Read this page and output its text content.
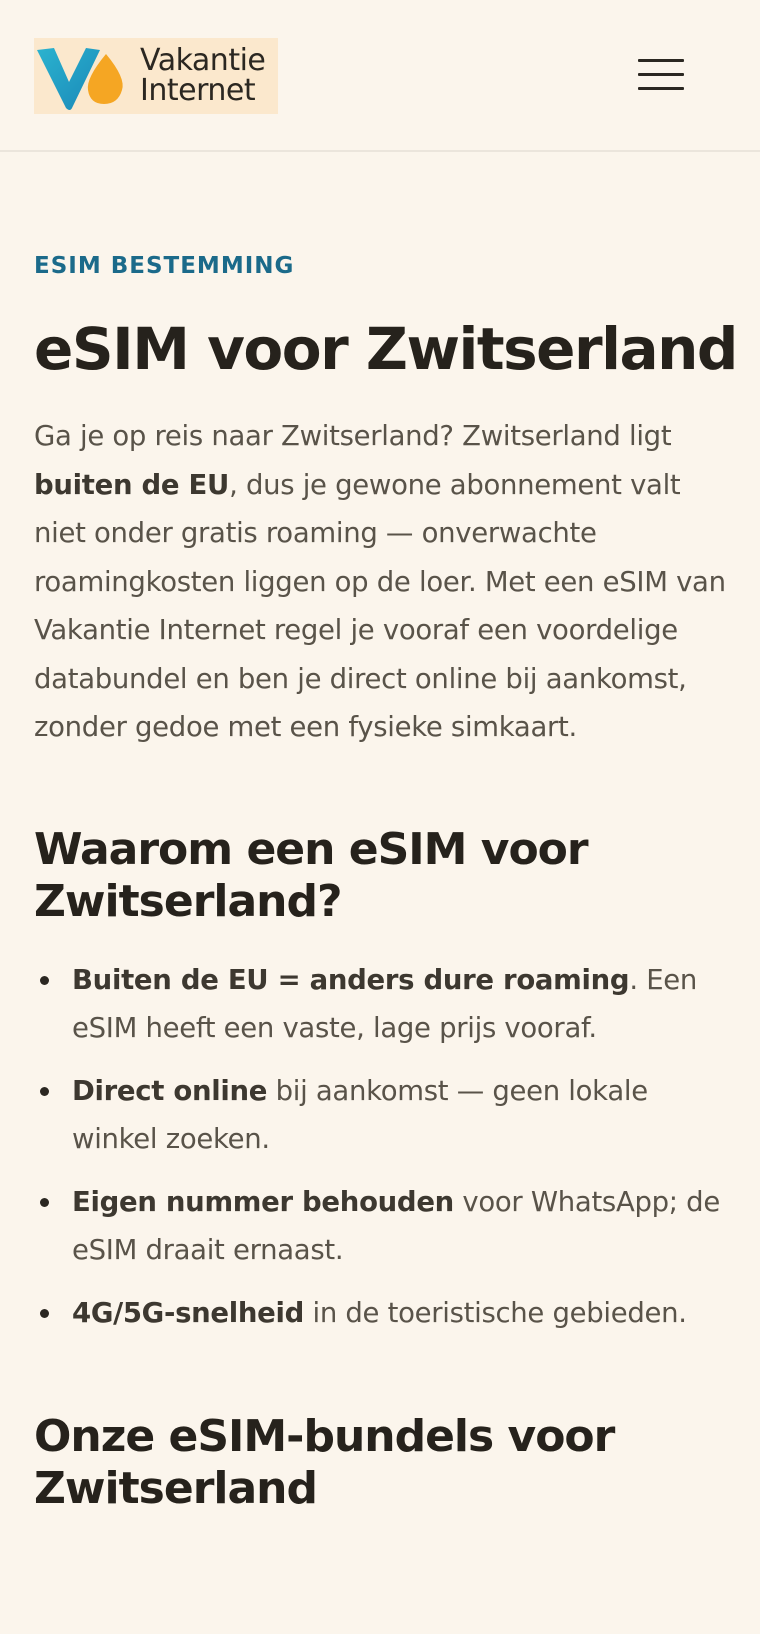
Vakantie
Internet

ESIM BESTEMMING

eSIM voor Zwitserland

Ga je op reis naar Zwitserland? Zwitserland ligt buiten de EU, dus je gewone abonnement valt niet onder gratis roaming — onverwachte roamingkosten liggen op de loer. Met een eSIM van Vakantie Internet regel je vooraf een voordelige databundel en ben je direct online bij aankomst, zonder gedoe met een fysieke simkaart.

Waarom een eSIM voor Zwitserland?
Buiten de EU = anders dure roaming. Een eSIM heeft een vaste, lage prijs vooraf.
Direct online bij aankomst — geen lokale winkel zoeken.
Eigen nummer behouden voor WhatsApp; de eSIM draait ernaast.
4G/5G-snelheid in de toeristische gebieden.
Onze eSIM-bundels voor Zwitserland
